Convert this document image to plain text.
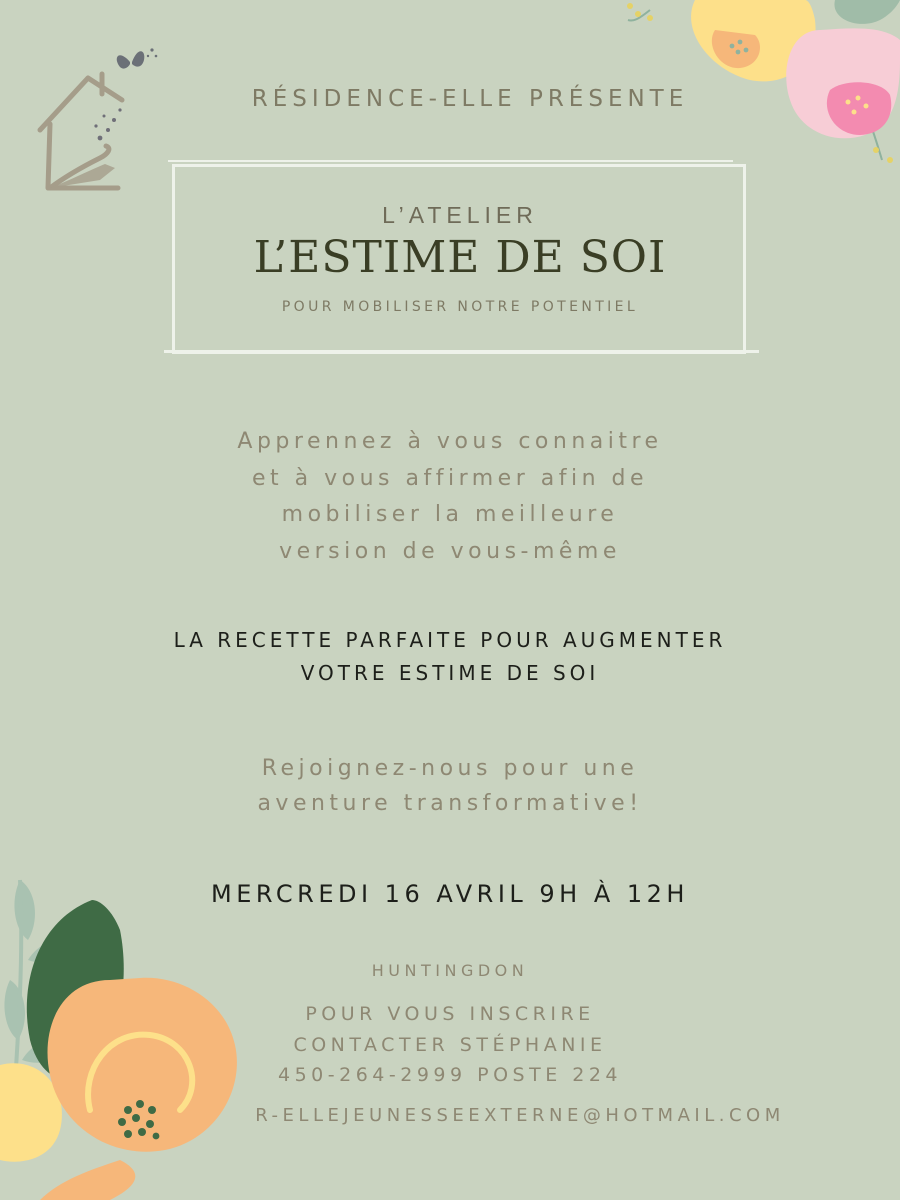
RÉSIDENCE-ELLE PRÉSENTE
L’ATELIER
L’ESTIME DE SOI
POUR MOBILISER NOTRE POTENTIEL
Apprennez à vous connaitre
et à vous affirmer afin de
mobiliser la meilleure
version de vous-même
LA RECETTE PARFAITE POUR AUGMENTER
VOTRE ESTIME DE SOI
Rejoignez-nous pour une
aventure transformative!
MERCREDI 16 AVRIL 9H À 12H
HUNTINGDON
POUR VOUS INSCRIRE
CONTACTER STÉPHANIE
450-264-2999 POSTE 224
R-ELLEJEUNESSEEXTERNE@HOTMAIL.COM
